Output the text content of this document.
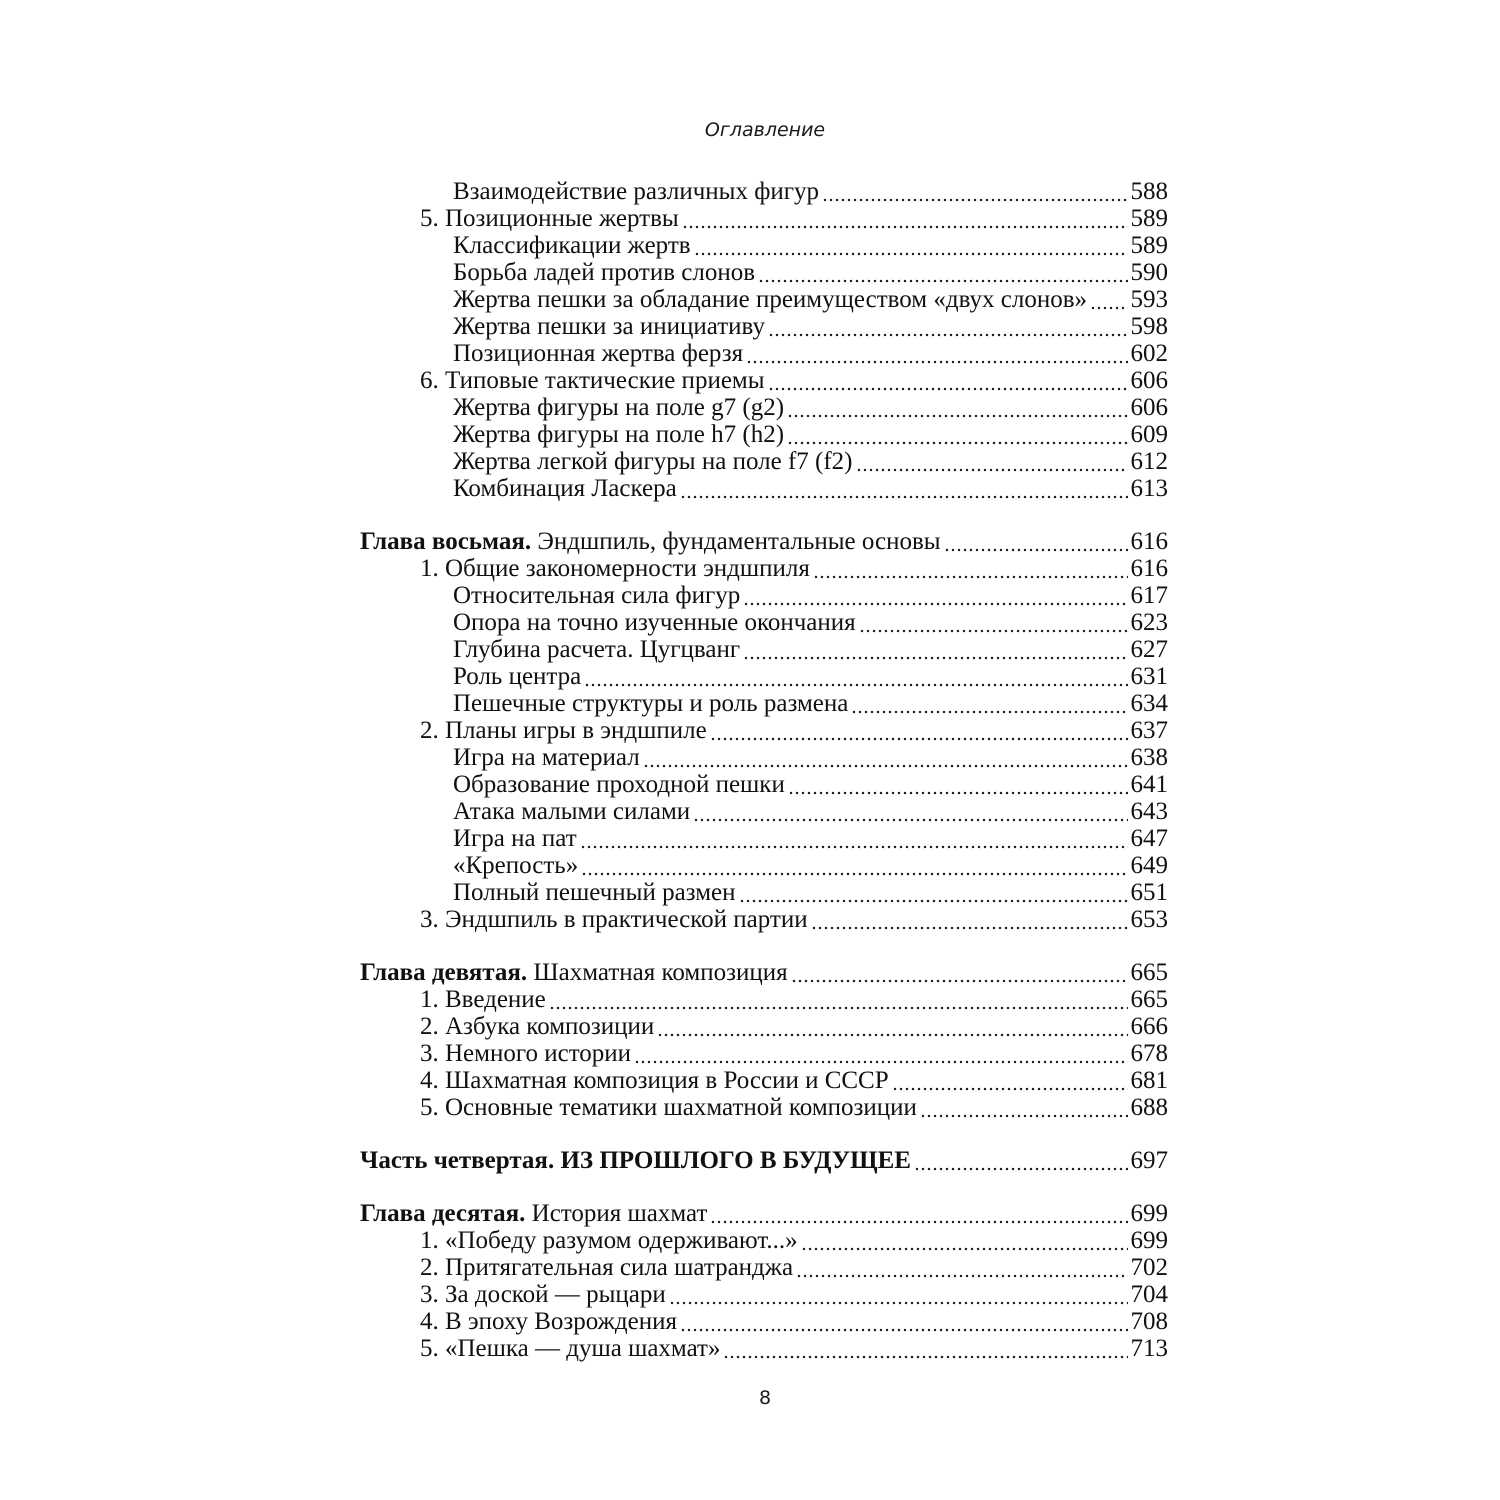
Оглавление
Взаимодействие различных фигур	588
5. Позиционные жертвы	589
Классификации жертв	589
Борьба ладей против слонов	590
Жертва пешки за обладание преимуществом «двух слонов» 593
Жертва пешки за инициативу	598
Позиционная жертва ферзя	602
6. Типовые тактические приемы	606
Жертва фигуры на поле g7 (g2)	606
Жертва фигуры на поле h7 (h2)	609
Жертва легкой фигуры на поле f7 (f2)	612
Комбинация Ласкера	613
Глава восьмая. Эндшпиль, фундаментальные основы	616
1. Общие закономерности эндшпиля	616
Относительная сила фигур	617
Опора на точно изученные окончания	623
Глубина расчета. Цугцванг	627
Роль центра	631
Пешечные структуры и роль размена	634
2. Планы игры в эндшпиле	637
Игра на материал	638
Образование проходной пешки	641
Атака малыми силами	643
Игра на пат	647
«Крепость»	649
Полный пешечный размен	651
3. Эндшпиль в практической партии	653
Глава девятая. Шахматная композиция	665
1. Введение	665
2. Азбука композиции	666
3. Немного истории	678
4. Шахматная композиция в России и СССР	681
5. Основные тематики шахматной композиции	688
Часть четвертая. ИЗ ПРОШЛОГО В БУДУЩЕЕ	697
Глава десятая. История шахмат	699
1. «Победу разумом одерживают...»	699
2. Притягательная сила шатранджа	702
3. За доской — рыцари	704
4. В эпоху Возрождения	708
5. «Пешка — душа шахмат»	713
8
